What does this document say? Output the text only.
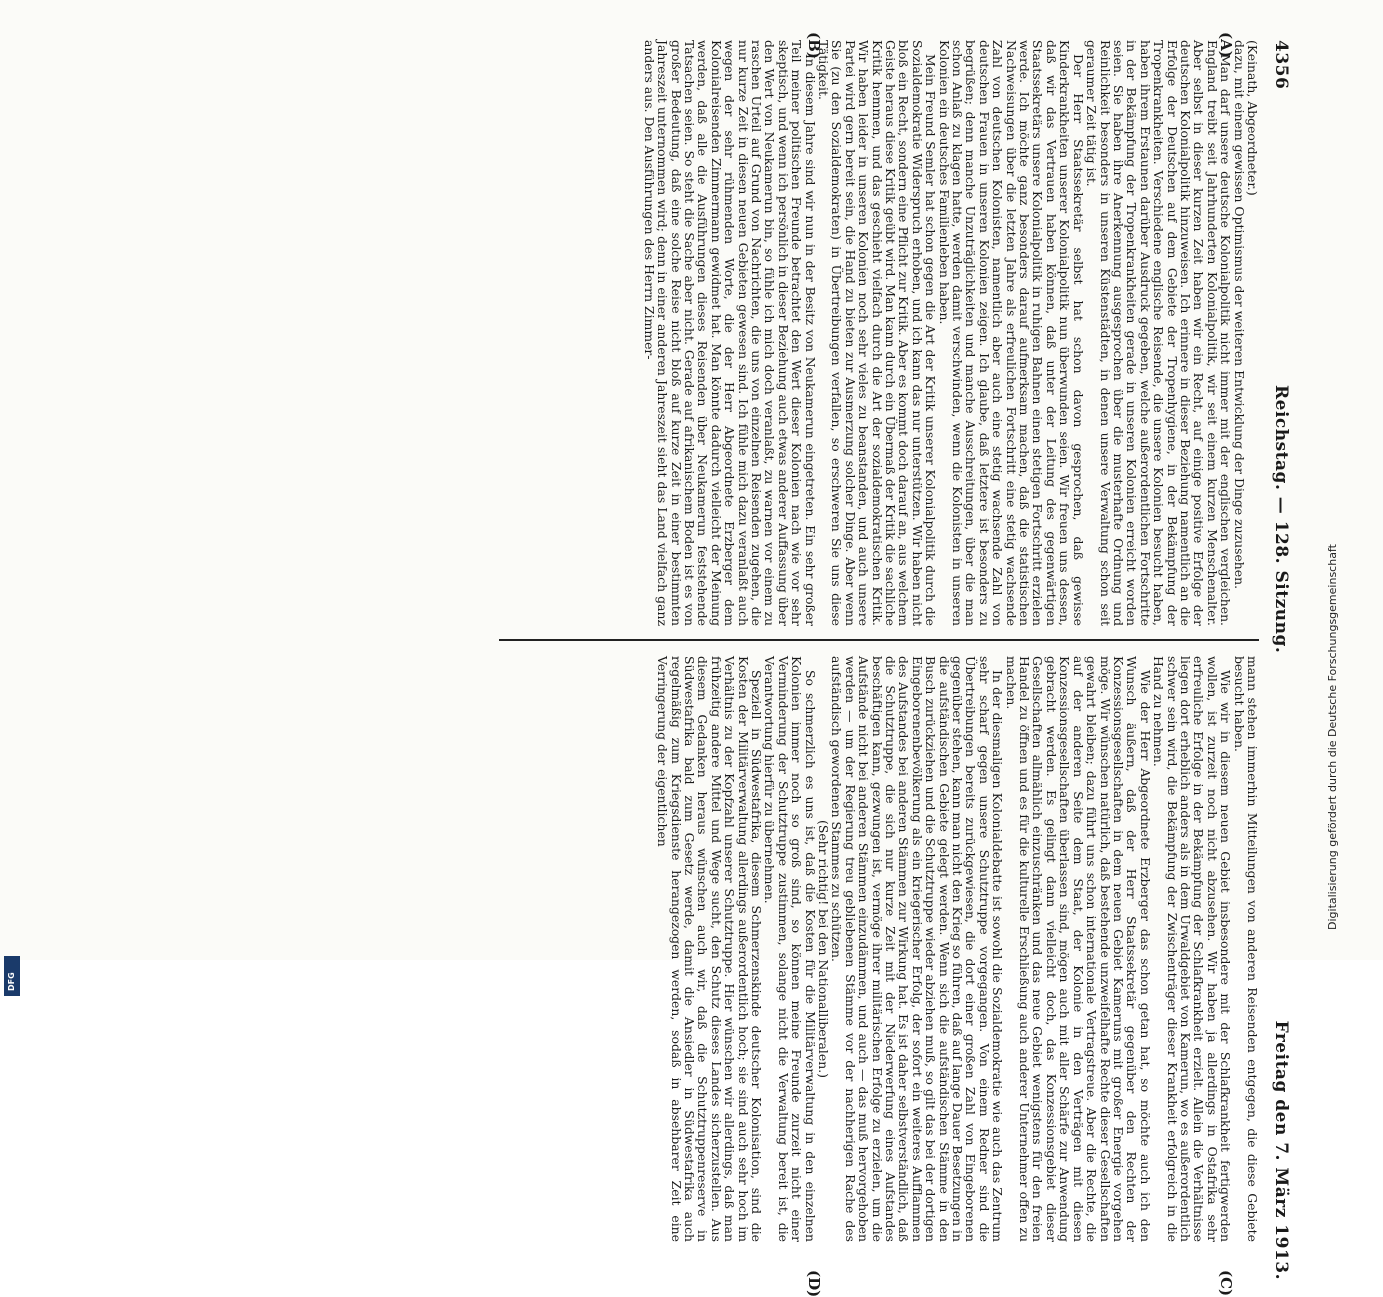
4356
Reichstag. — 128. Sitzung.
Freitag den 7. März 1913.
(A)
(B)
(C)
(D)

(Keinath, Abgeordneter.)

dazu, mit einem gewissen Optimismus der weiteren Entwicklung der Dinge zuzusehen.

Man darf unsere deutsche Kolonialpolitik nicht immer mit der englischen vergleichen. England treibt seit Jahrhunderten Kolonialpolitik, wir seit einem kurzen Menschenalter. Aber selbst in dieser kurzen Zeit haben wir ein Recht, auf einige positive Erfolge der deutschen Kolonialpolitik hinzuweisen. Ich erinnere in dieser Beziehung namentlich an die Erfolge der Deutschen auf dem Gebiete der Tropenhygiene, in der Bekämpfung der Tropenkrankheiten. Verschiedene englische Reisende, die unsere Kolonien besucht haben, haben ihrem Erstaunen darüber Ausdruck gegeben, welche außerordentlichen Fortschritte in der Bekämpfung der Tropenkrankheiten gerade in unseren Kolonien erreicht worden seien. Sie haben ihre Anerkennung ausgesprochen über die musterhafte Ordnung und Reinlichkeit besonders in unseren Küstenstädten, in denen unsere Verwaltung schon seit geraumer Zeit tätig ist.

Der Herr Staatssekretär selbst hat schon davon gesprochen, daß gewisse Kinderkrankheiten unserer Kolonialpolitik nun überwunden seien. Wir freuen uns dessen, daß wir das Vertrauen haben können, daß unter der Leitung des gegenwärtigen Staatssekretärs unsere Kolonialpolitik in ruhigen Bahnen einen stetigen Fortschritt erzielen werde. Ich möchte ganz besonders darauf aufmerksam machen, daß die statistischen Nachweisungen über die letzten Jahre als erfreulichen Fortschritt eine stetig wachsende Zahl von deutschen Kolonisten, namentlich aber auch eine stetig wachsende Zahl von deutschen Frauen in unseren Kolonien zeigen. Ich glaube, daß letztere ist besonders zu begrüßen; denn manche Unzuträglichkeiten und manche Ausschreitungen, über die man schon Anlaß zu klagen hatte, werden damit verschwinden, wenn die Kolonisten in unseren Kolonien ein deutsches Familienleben haben.

Mein Freund Semler hat schon gegen die Art der Kritik unserer Kolonialpolitik durch die Sozialdemokratie Widerspruch erhoben, und ich kann das nur unterstützen. Wir haben nicht bloß ein Recht, sondern eine Pflicht zur Kritik. Aber es kommt doch darauf an, aus welchem Geiste heraus diese Kritik geübt wird. Man kann durch ein Übermaß der Kritik die sachliche Kritik hemmen, und das geschieht vielfach durch die Art der sozialdemokratischen Kritik. Wir haben leider in unseren Kolonien noch sehr vieles zu beanstanden, und auch unsere Partei wird gern bereit sein, die Hand zu bieten zur Ausmerzung solcher Dinge. Aber wenn Sie (zu den Sozialdemokraten) in Übertreibungen verfallen, so erschweren Sie uns diese Tätigkeit.

In diesem Jahre sind wir nun in der Besitz von Neukamerun eingetreten. Ein sehr großer Teil meiner politischen Freunde betrachtet den Wert dieser Kolonien nach wie vor sehr skeptisch, und wenn ich persönlich in dieser Beziehung auch etwas anderer Auffassung über den Wert von Neukamerun bin, so fühle ich mich doch veranlaßt, zu warnen vor einem zu raschen Urteil auf Grund von Nachrichten, die uns von einzelnen Reisenden zugehen, die nur kurze Zeit in diesen neuen Gebieten gewesen sind. Ich fühle mich dazu veranlaßt auch wegen der sehr rühmenden Worte, die der Herr Abgeordnete Erzberger dem Kolonialreisenden Zimmermann gewidmet hat. Man könnte dadurch vielleicht der Meinung werden, daß alle die Ausführungen dieses Reisenden über Neukamerun feststehende Tatsachen seien. So steht die Sache aber nicht. Gerade auf afrikanischem Boden ist es von großer Bedeutung, daß eine solche Reise nicht bloß auf kurze Zeit in einer bestimmten Jahreszeit unternommen wird; denn in einer anderen Jahreszeit sieht das Land vielfach ganz anders aus. Den Ausführungen des Herrn Zimmer-

mann stehen immerhin Mitteilungen von anderen Reisenden entgegen, die diese Gebiete besucht haben.

Wie wir in diesem neuen Gebiet insbesondere mit der Schlafkrankheit fertigwerden wollen, ist zurzeit noch nicht abzusehen. Wir haben ja allerdings in Ostafrika sehr erfreuliche Erfolge in der Bekämpfung der Schlafkrankheit erzielt. Allein die Verhältnisse liegen dort erheblich anders als in dem Urwaldgebiet von Kamerun, wo es außerordentlich schwer sein wird, die Bekämpfung der Zwischenträger dieser Krankheit erfolgreich in die Hand zu nehmen.

Wie der Herr Abgeordnete Erzberger das schon getan hat, so möchte auch ich den Wunsch äußern, daß der Herr Staatssekretär gegenüber den Rechten der Konzessionsgesellschaften in dem neuen Gebiet Kameruns mit großer Energie vorgehen möge. Wir wünschen natürlich, daß bestehende unzweifelhafte Rechte dieser Gesellschaften gewahrt bleiben; dazu führt uns schon internationale Vertragstreue. Aber die Rechte, die auf der anderen Seite dem Staat, der Kolonie in den Verträgen mit diesen Konzessionsgesellschaften überlassen sind, mögen auch mit aller Schärfe zur Anwendung gebracht werden. Es gelingt dann vielleicht doch, das Konzessionsgebiet dieser Gesellschaften allmählich einzuschränken und das neue Gebiet wenigstens für den freien Handel zu öffnen und es für die kulturelle Erschließung auch anderer Unternehmer offen zu machen.

In der diesmaligen Kolonialdebatte ist sowohl die Sozialdemokratie wie auch das Zentrum sehr scharf gegen unsere Schutztruppe vorgegangen. Von einem Redner sind die Übertreibungen bereits zurückgewiesen, die dort einer großen Zahl von Eingeborenen gegenüber stehen, kann man nicht den Krieg so führen, daß auf lange Dauer Besetzungen in die aufständischen Gebiete gelegt werden. Wenn sich die aufständischen Stämme in den Busch zurückziehen und die Schutztruppe wieder abziehen muß, so gilt das bei der dortigen Eingeborenenbevölkerung als ein kriegerischer Erfolg, der sofort ein weiteres Aufflammen des Aufstandes bei anderen Stämmen zur Wirkung hat. Es ist daher selbstverständlich, daß die Schutztruppe, die sich nur kurze Zeit mit der Niederwerfung eines Aufstandes beschäftigen kann, gezwungen ist, vermöge ihrer militärischen Erfolge zu erzielen, um die Aufstände nicht bei anderen Stämmen einzudämmen, und auch — das muß hervorgehoben werden — um der Regierung treu gebliebenen Stämme vor der nachherigen Rache des aufständisch gewordenen Stammes zu schützen.

(Sehr richtig! bei den Nationalliberalen.)

So schmerzlich es uns ist, daß die Kosten für die Militärverwaltung in den einzelnen Kolonien immer noch so groß sind, so können meine Freunde zurzeit nicht einer Verminderung der Schutztruppe zustimmen, solange nicht die Verwaltung bereit ist, die Verantwortung hierfür zu übernehmen.

Speziell in Südwestafrika, diesem Schmerzenskinde deutscher Kolonisation, sind die Kosten der Militärverwaltung allerdings außerordentlich hoch; sie sind auch sehr hoch im Verhältnis zu der Kopfzahl unserer Schutztruppe. Hier wünschen wir allerdings, daß man frühzeitig andere Mittel und Wege sucht, den Schutz dieses Landes sicherzustellen. Aus diesem Gedanken heraus wünschen auch wir, daß die Schutztruppenreserve in Südwestafrika bald zum Gesetz werde, damit die Ansiedler in Südwestafrika auch regelmäßig zum Kriegsdienste herangezogen werden, sodaß in absehbarer Zeit eine Verringerung der eigentlichen	Digitalisierung gefördert durch die Deutsche Forschungsgemeinschaft
DFG
